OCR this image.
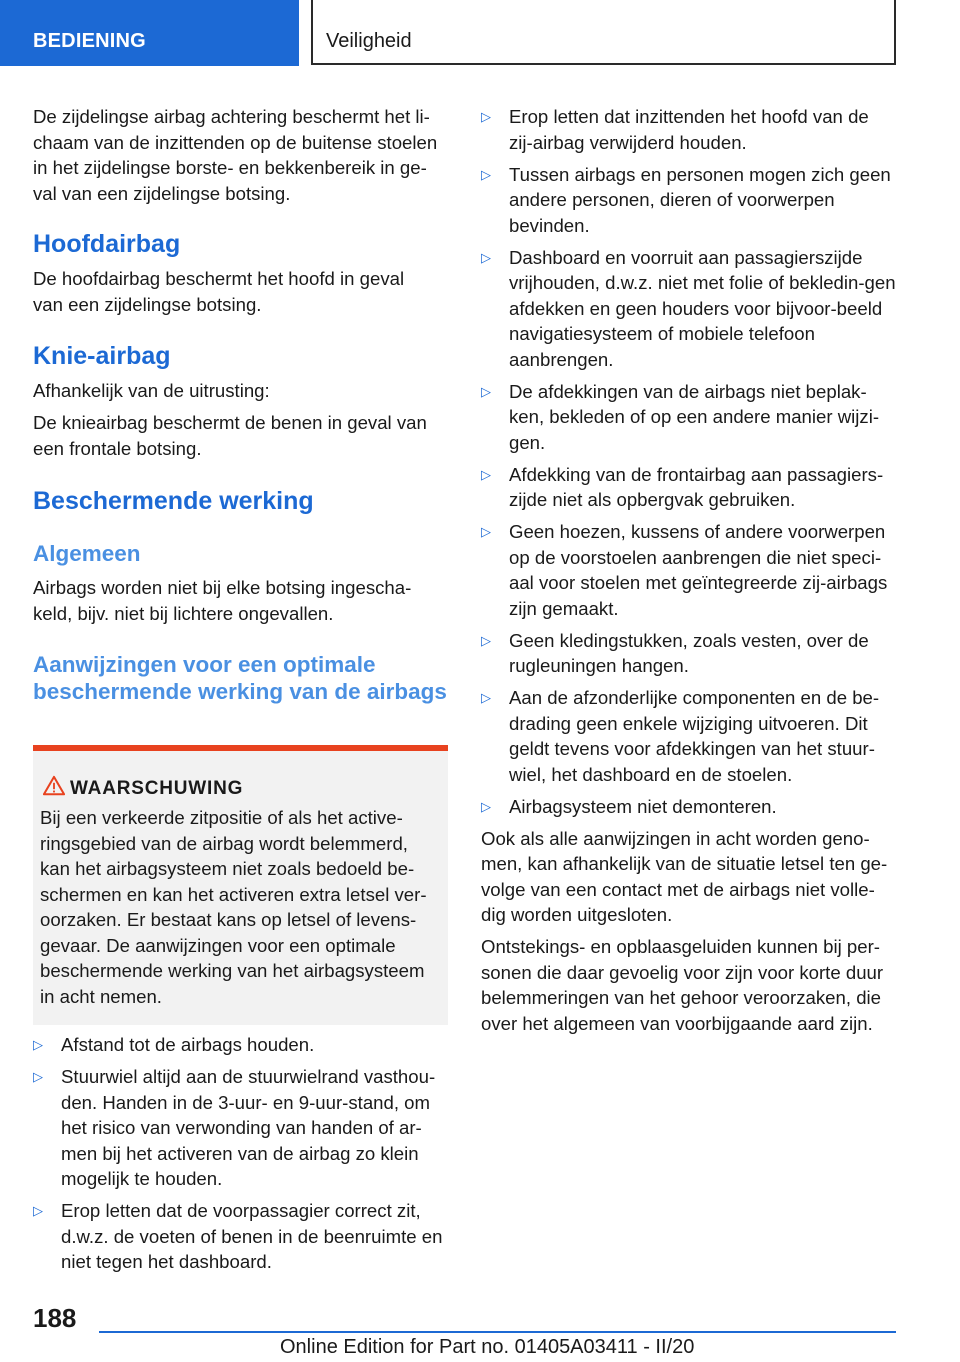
BEDIENING	Veiligheid

De zijdelingse airbag achtering beschermt het li-chaam van de inzittenden op de buitense stoelen in het zijdelingse borste- en bekkenbereik in ge-val van een zijdelingse botsing.

Hoofdairbag

De hoofdairbag beschermt het hoofd in geval van een zijdelingse botsing.

Knie-airbag

Afhankelijk van de uitrusting:

De knieairbag beschermt de benen in geval van een frontale botsing.

Beschermende werking
Algemeen

Airbags worden niet bij elke botsing ingescha-keld, bijv. niet bij lichtere ongevallen.

Aanwijzingen voor een optimale beschermende werking van de airbags
WAARSCHUWING

Bij een verkeerde zitpositie of als het active-ringsgebied van de airbag wordt belemmerd, kan het airbagsysteem niet zoals bedoeld be-schermen en kan het activeren extra letsel ver-oorzaken. Er bestaat kans op letsel of levens-gevaar. De aanwijzingen voor een optimale beschermende werking van het airbagsysteem in acht nemen.

▷ Afstand tot de airbags houden.
▷ Stuurwiel altijd aan de stuurwielrand vasthou-den. Handen in de 3-uur- en 9-uur-stand, om het risico van verwonding van handen of ar-men bij het activeren van de airbag zo klein mogelijk te houden.
▷ Erop letten dat de voorpassagier correct zit, d.w.z. de voeten of benen in de beenruimte en niet tegen het dashboard.
▷ Erop letten dat inzittenden het hoofd van de zij-airbag verwijderd houden.
▷ Tussen airbags en personen mogen zich geen andere personen, dieren of voorwerpen bevinden.
▷ Dashboard en voorruit aan passagierszijde vrijhouden, d.w.z. niet met folie of bekledin-gen afdekken en geen houders voor bijvoor-beeld navigatiesysteem of mobiele telefoon aanbrengen.
▷ De afdekkingen van de airbags niet beplak-ken, bekleden of op een andere manier wijzi-gen.
▷ Afdekking van de frontairbag aan passagiers-zijde niet als opbergvak gebruiken.
▷ Geen hoezen, kussens of andere voorwerpen op de voorstoelen aanbrengen die niet speci-aal voor stoelen met geïntegreerde zij-airbags zijn gemaakt.
▷ Geen kledingstukken, zoals vesten, over de rugleuningen hangen.
▷ Aan de afzonderlijke componenten en de be-drading geen enkele wijziging uitvoeren. Dit geldt tevens voor afdekkingen van het stuur-wiel, het dashboard en de stoelen.
▷ Airbagsysteem niet demonteren.

Ook als alle aanwijzingen in acht worden geno-men, kan afhankelijk van de situatie letsel ten ge-volge van een contact met de airbags niet volle-dig worden uitgesloten.

Ontstekings- en opblaasgeluiden kunnen bij per-sonen die daar gevoelig voor zijn voor korte duur belemmeringen van het gehoor veroorzaken, die over het algemeen van voorbijgaande aard zijn.

188
Online Edition for Part no. 01405A03411 - II/20
